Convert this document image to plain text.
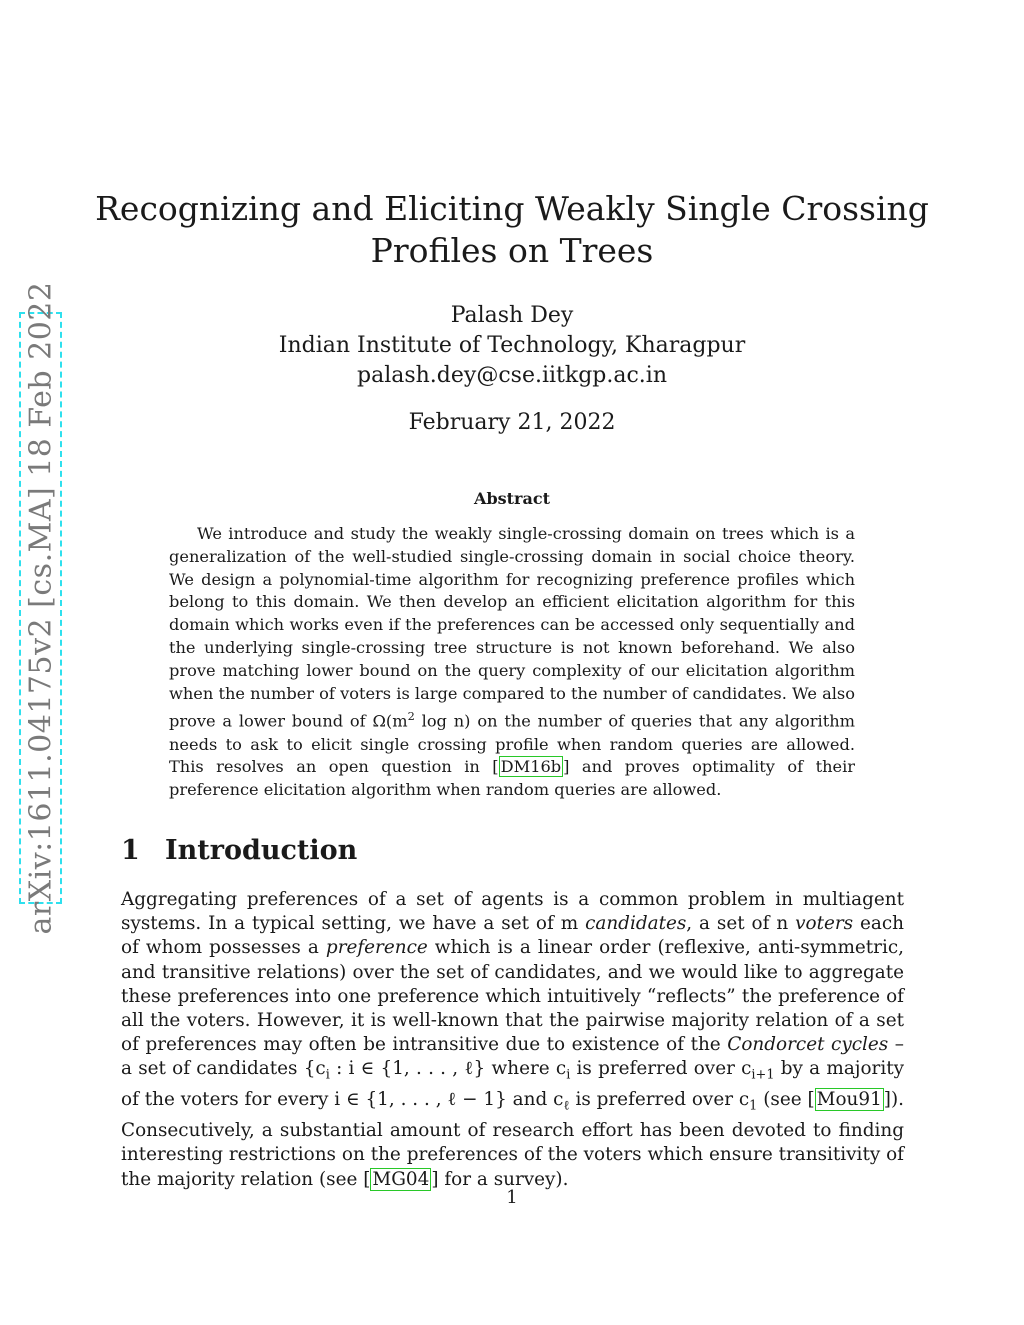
arXiv:1611.04175v2 [cs.MA] 18 Feb 2022
Recognizing and Eliciting Weakly Single Crossing
Profiles on Trees
Palash Dey
Indian Institute of Technology, Kharagpur
palash.dey@cse.iitkgp.ac.in
February 21, 2022
Abstract

We introduce and study the weakly single-crossing domain on trees which is a generalization of the well-studied single-crossing domain in social choice theory. We design a polynomial-time algorithm for recognizing preference profiles which belong to this domain. We then develop an efficient elicitation algorithm for this domain which works even if the preferences can be accessed only sequentially and the underlying single-crossing tree structure is not known beforehand. We also prove matching lower bound on the query complexity of our elicitation algorithm when the number of voters is large compared to the number of candidates. We also prove a lower bound of $\Omega(m^2$ log n) on the number of queries that any algorithm needs to ask to elicit single crossing profile when random queries are allowed. This resolves an open question in [ DM16b ] and proves optimality of their preference elicitation algorithm when random queries are allowed.

1 Introduction

Aggregating preferences of a set of agents is a common problem in multiagent systems. In a typical setting, we have a set of m candidates, a set of n voters each of whom possesses a preference which is a linear order (reflexive, anti-symmetric, and transitive relations) over the set of candidates, and we would like to aggregate these preferences into one preference which intuitively “reflects” the preference of all the voters. However, it is well-known that the pairwise majority relation of a set of preferences may often be intransitive due to existence of the Condorcet cycles – a set of candidates {$c_i$ : i ∈ {1, . . . , ℓ} where $c_i$ is preferred over $c_{i+1}$ by a majority of the voters for every i ∈ {1, . . . , ℓ − 1} and $c_\ell$ is preferred over $c_1$ (see [ Mou91 ]). Consecutively, a substantial amount of research effort has been devoted to finding interesting restrictions on the preferences of the voters which ensure transitivity of the majority relation (see [ MG04 ] for a survey).

1
